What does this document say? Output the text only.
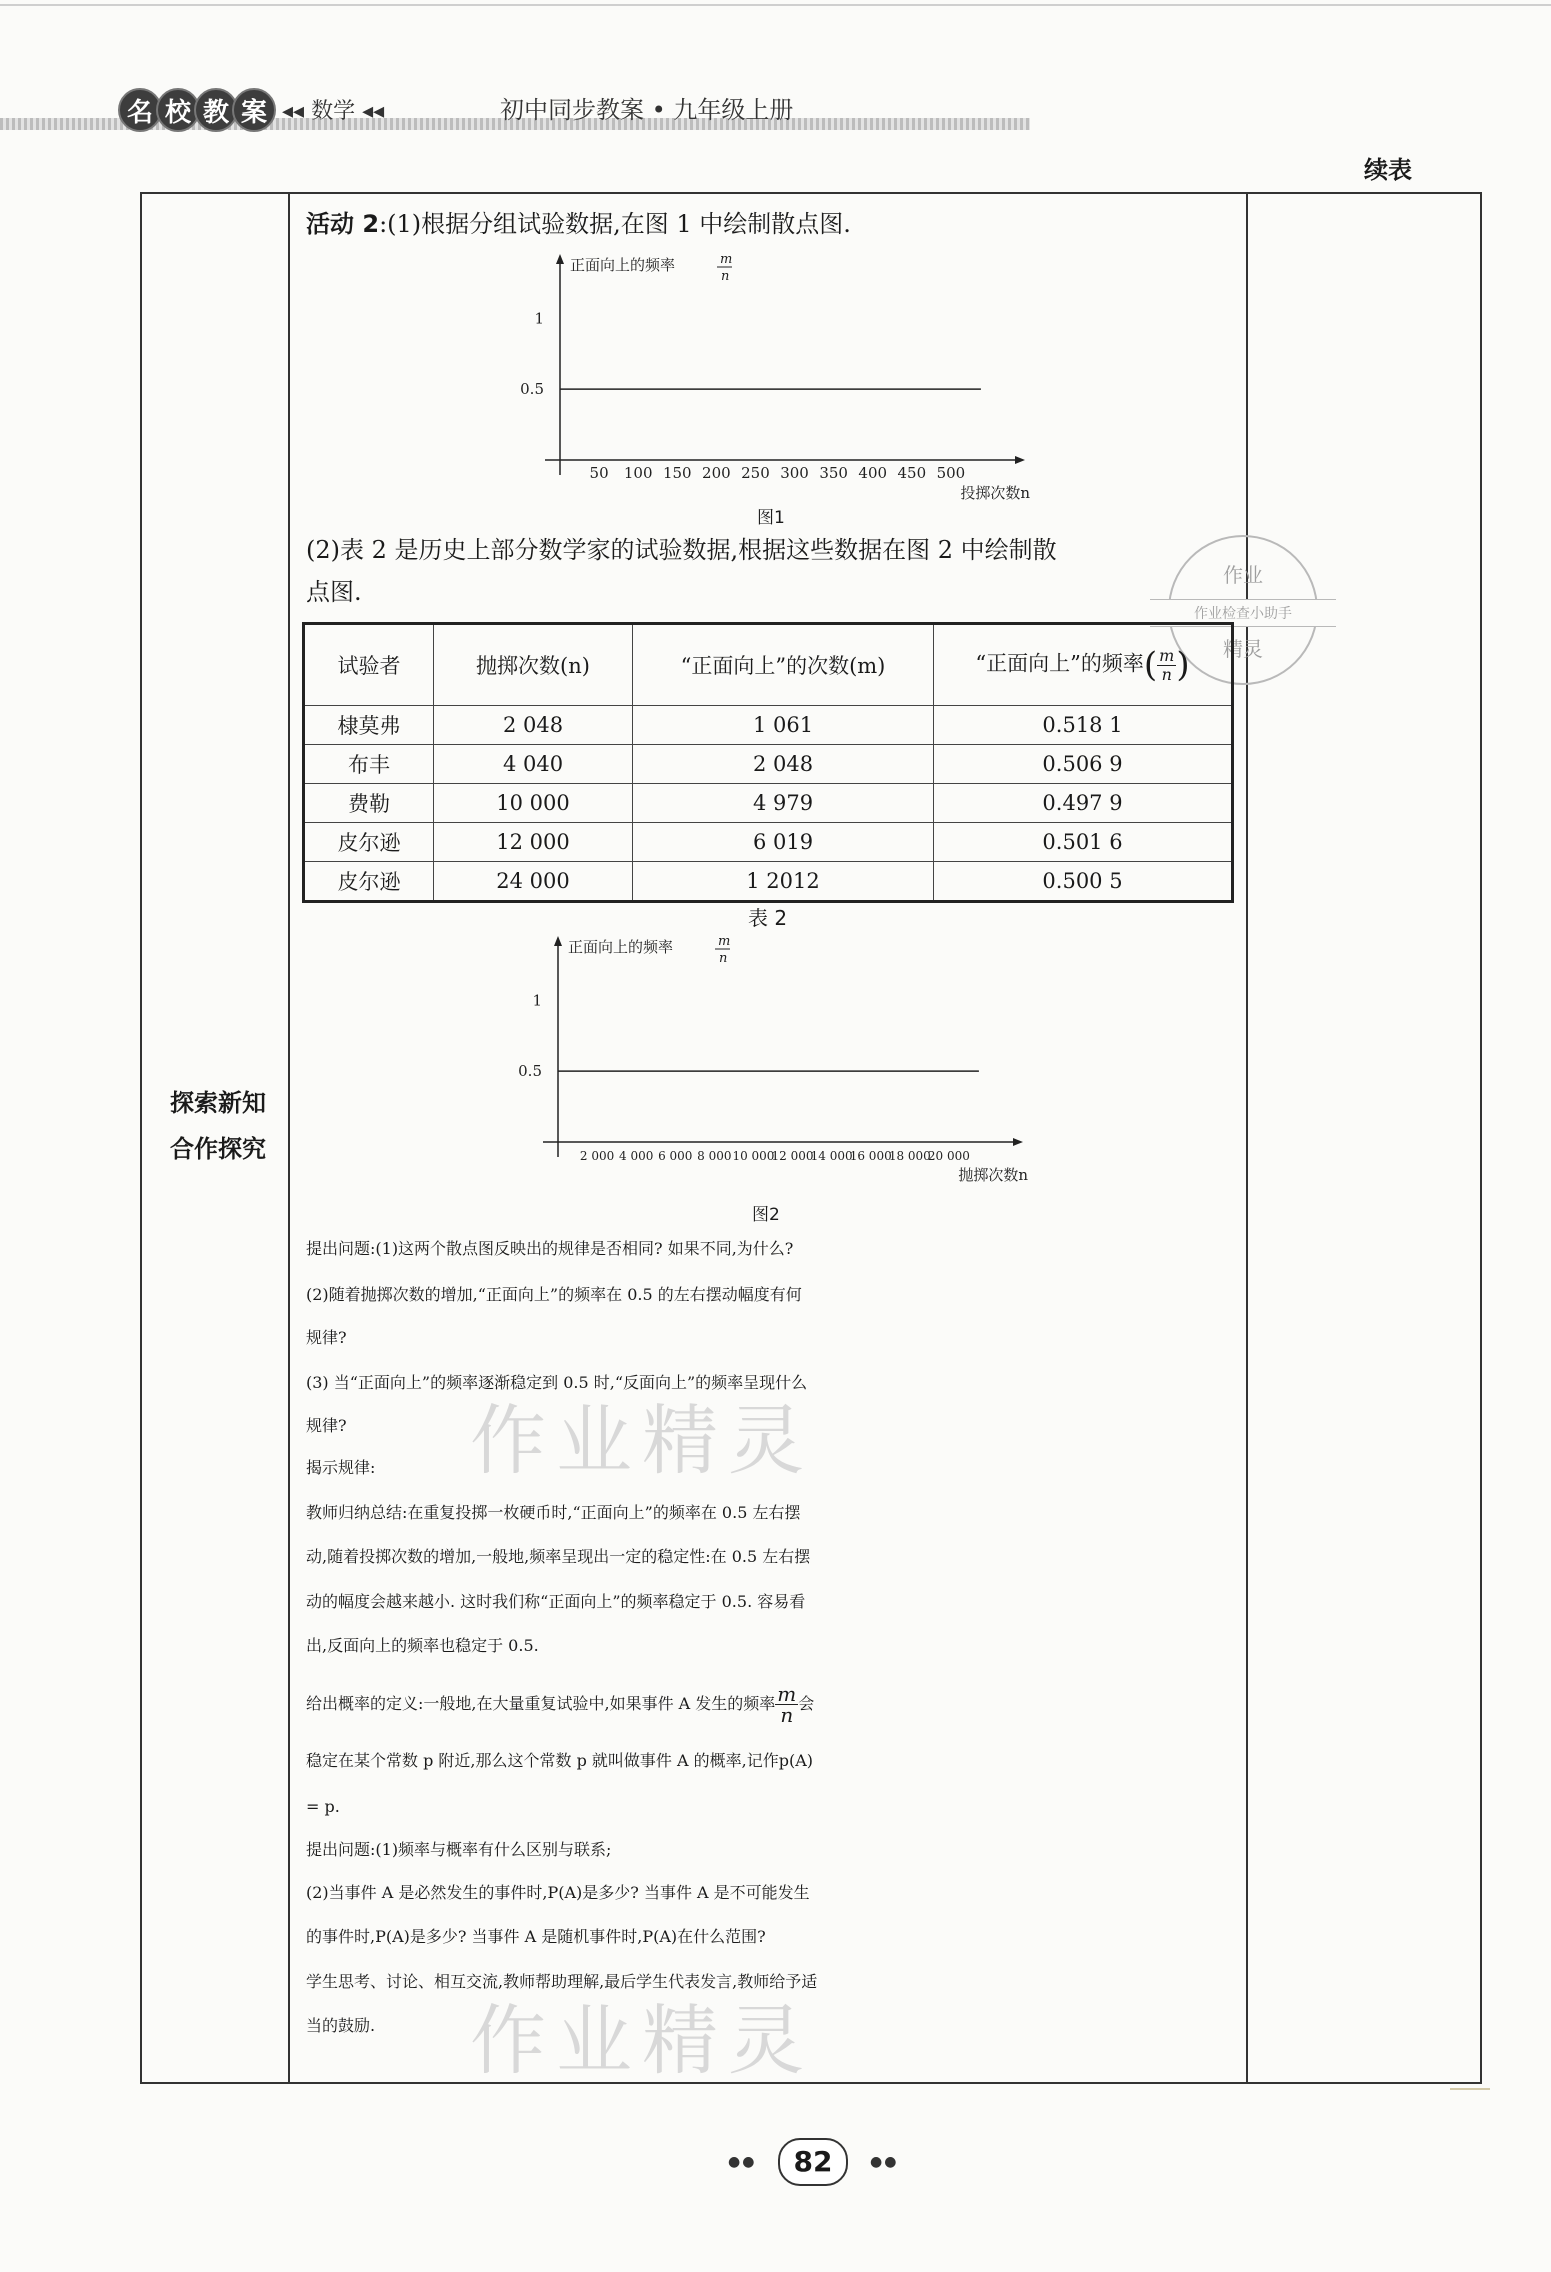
名 校 教 案 ◂◂ 数学 ◂◂	初中同步教案 • 九年级上册
续表
探索新知
合作探究
活动 2:(1)根据分组试验数据,在图 1 中绘制散点图.
正面向上的频率	m
n
1
0.5
50 100 150 200 250 300 350 400 450 500
投掷次数n
图1
(2)表 2 是历史上部分数学家的试验数据,根据这些数据在图 2 中绘制散
点图.
作业
作业检查小助手
精灵
试验者	抛掷次数(n)	“正面向上”的次数(m)	“正面向上”的频率( $\frac{m}{n}$ )
棣莫弗	2 048	1 061	0.518 1
布丰	4 040	2 048	0.506 9
费勒	10 000	4 979	0.497 9
皮尔逊	12 000	6 019	0.501 6
皮尔逊	24 000	1 2012	0.500 5
表 2
正面向上的频率	m
n
1
0.5
2 000 4 000 6 000 8 000 10 000
12 000
14 000
16 000
18 000
20 000
抛掷次数n
图2
作业精灵
作业精灵
提出问题:(1)这两个散点图反映出的规律是否相同? 如果不同,为什么?
(2)随着抛掷次数的增加,“正面向上”的频率在 0.5 的左右摆动幅度有何
规律?
(3) 当“正面向上”的频率逐渐稳定到 0.5 时,“反面向上”的频率呈现什么
规律?
揭示规律:
教师归纳总结:在重复投掷一枚硬币时,“正面向上”的频率在 0.5 左右摆
动,随着投掷次数的增加,一般地,频率呈现出一定的稳定性:在 0.5 左右摆
动的幅度会越来越小. 这时我们称“正面向上”的频率稳定于 0.5. 容易看
出,反面向上的频率也稳定于 0.5.
给出概率的定义:一般地,在大量重复试验中,如果事件 A 发生的频率 $\frac{m}{n}$ 会
稳定在某个常数 p 附近,那么这个常数 p 就叫做事件 A 的概率,记作p(A)
= p.
提出问题:(1)频率与概率有什么区别与联系;
(2)当事件 A 是必然发生的事件时,P(A)是多少? 当事件 A 是不可能发生
的事件时,P(A)是多少? 当事件 A 是随机事件时,P(A)在什么范围?
学生思考、讨论、相互交流,教师帮助理解,最后学生代表发言,教师给予适
当的鼓励.
●●	82	●●
